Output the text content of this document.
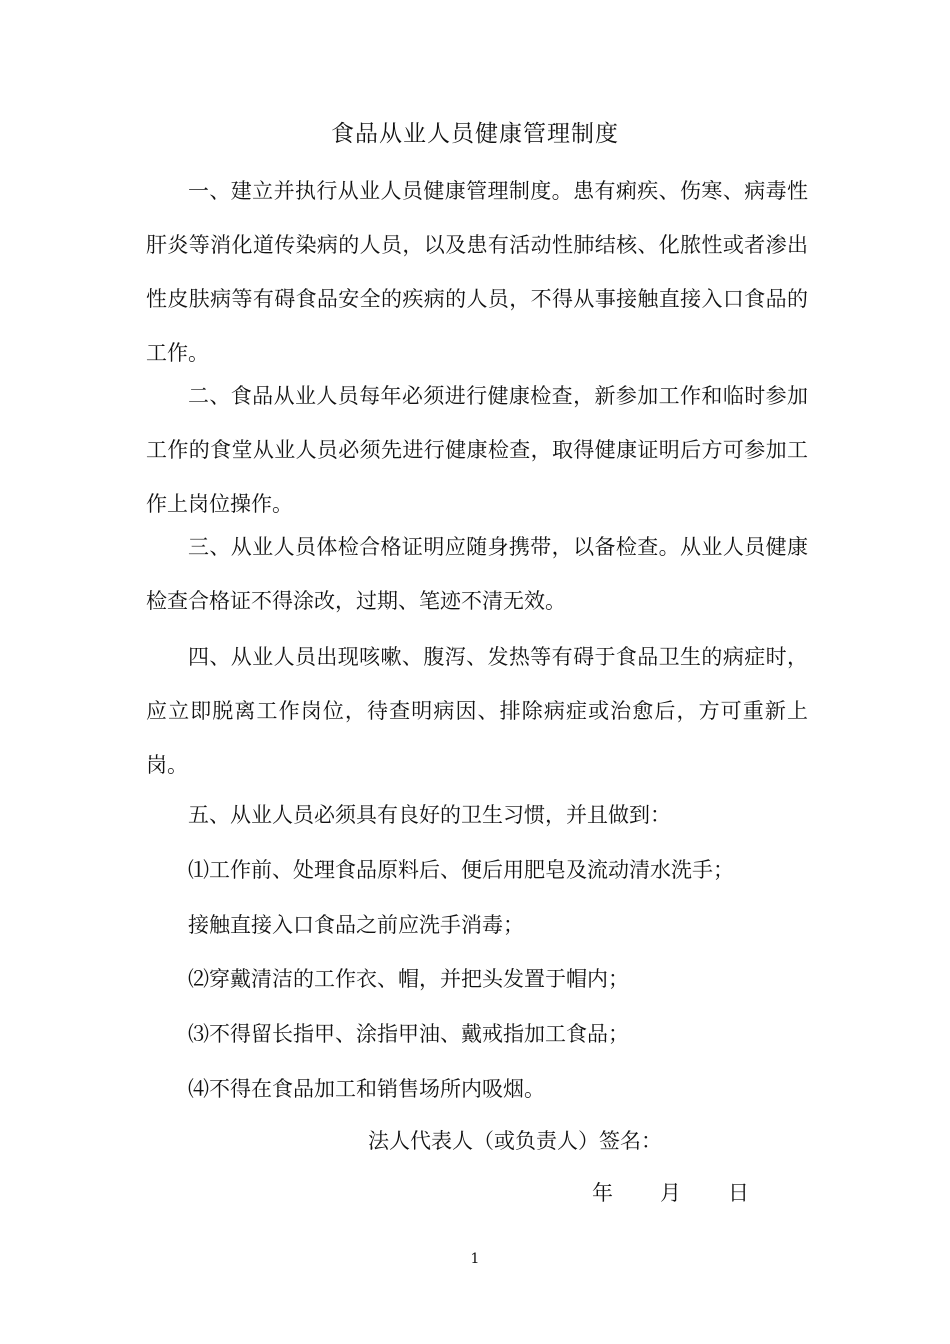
食品从业人员健康管理制度

一、建立并执行从业人员健康管理制度。患有痢疾、伤寒、病毒性肝炎等消化道传染病的人员，以及患有活动性肺结核、化脓性或者渗出性皮肤病等有碍食品安全的疾病的人员，不得从事接触直接入口食品的工作。

二、食品从业人员每年必须进行健康检查，新参加工作和临时参加工作的食堂从业人员必须先进行健康检查，取得健康证明后方可参加工作上岗位操作。

三、从业人员体检合格证明应随身携带，以备检查。从业人员健康检查合格证不得涂改，过期、笔迹不清无效。

四、从业人员出现咳嗽、腹泻、发热等有碍于食品卫生的病症时，应立即脱离工作岗位，待查明病因、排除病症或治愈后，方可重新上岗。

五、从业人员必须具有良好的卫生习惯，并且做到：

⑴工作前、处理食品原料后、便后用肥皂及流动清水洗手；

接触直接入口食品之前应洗手消毒；

⑵穿戴清洁的工作衣、帽，并把头发置于帽内；

⑶不得留长指甲、涂指甲油、戴戒指加工食品；

⑷不得在食品加工和销售场所内吸烟。

法人代表人（或负责人）签名：
年 月 日
1
